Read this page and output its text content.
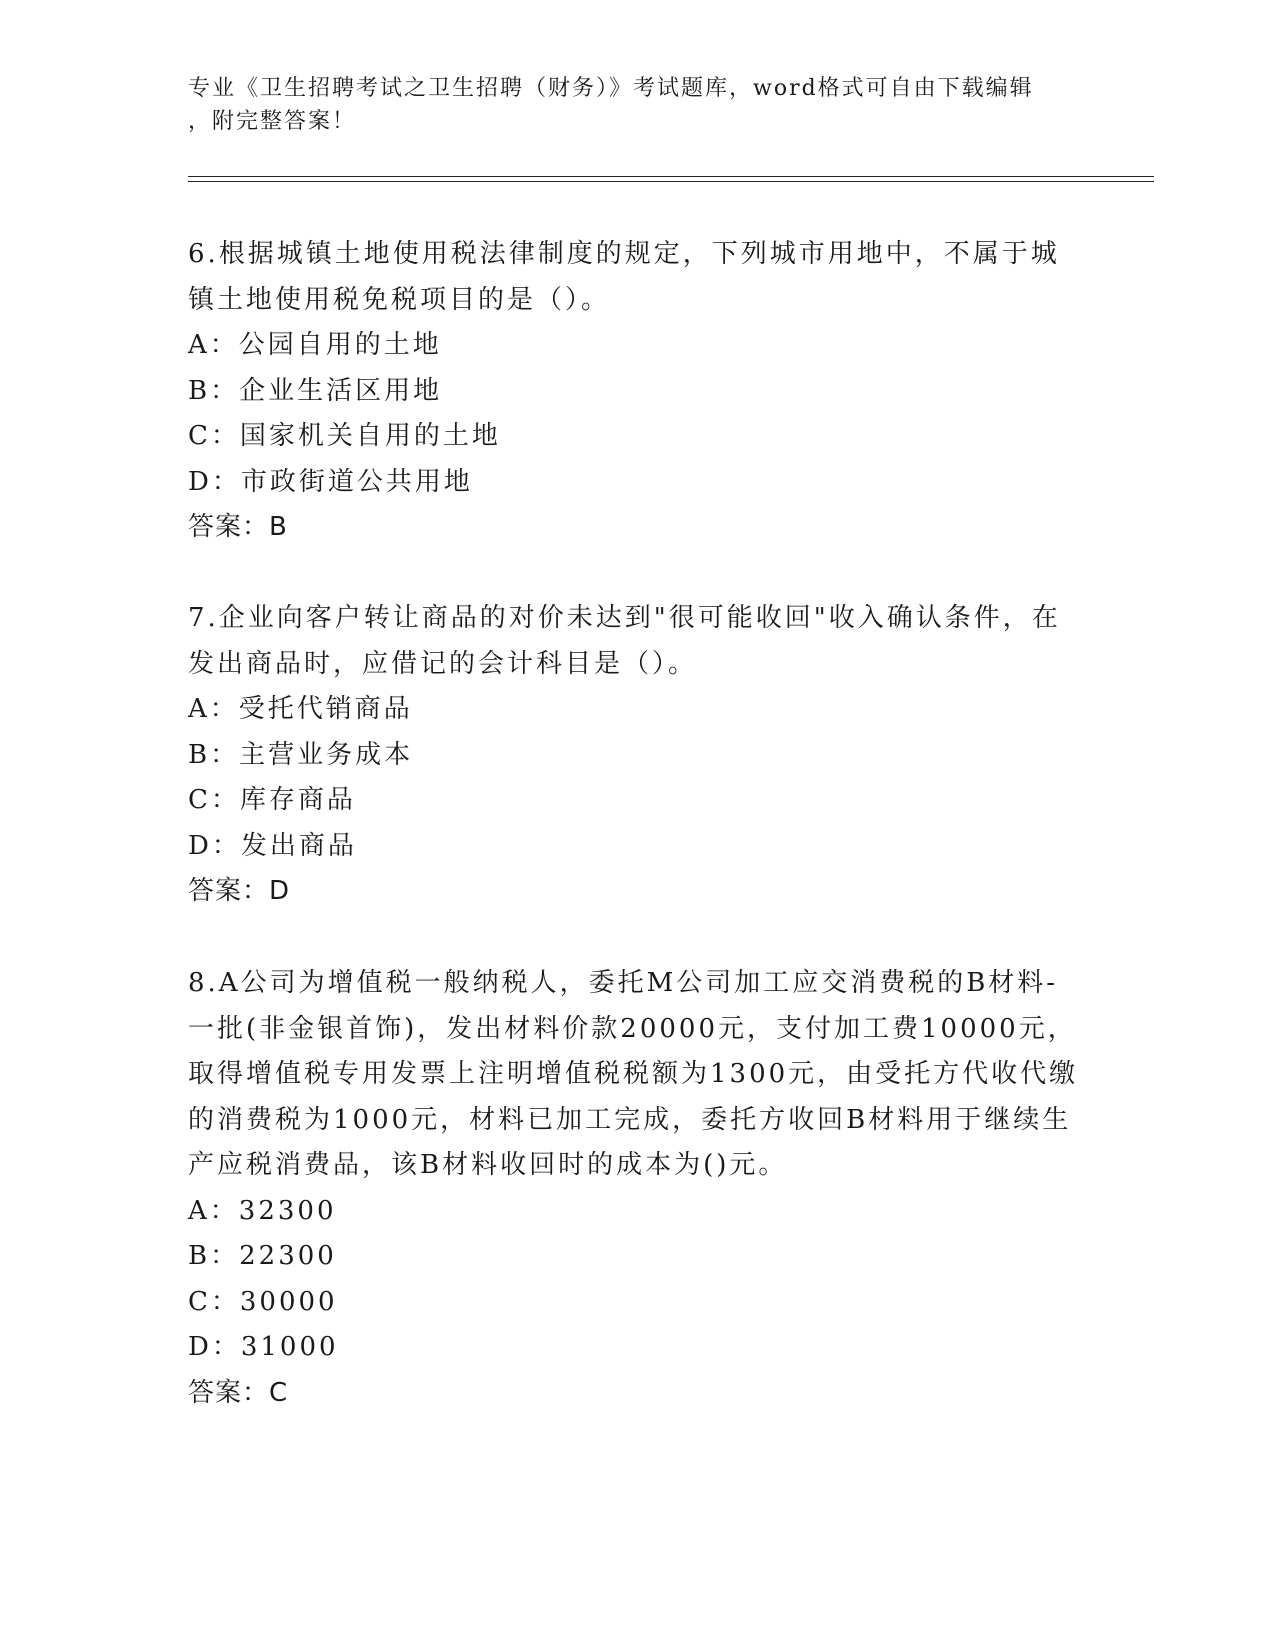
专业《卫生招聘考试之卫生招聘（财务）》考试题库，word格式可自由下载编辑
，附完整答案！
6.根据城镇土地使用税法律制度的规定，下列城市用地中，不属于城
镇土地使用税免税项目的是（）。
A：公园自用的土地
B：企业生活区用地
C：国家机关自用的土地
D：市政街道公共用地
答案：B
7.企业向客户转让商品的对价未达到"很可能收回"收入确认条件，在
发出商品时，应借记的会计科目是（）。
A：受托代销商品
B：主营业务成本
C：库存商品
D：发出商品
答案：D
8.A公司为增值税一般纳税人，委托M公司加工应交消费税的B材料-
一批(非金银首饰)，发出材料价款20000元，支付加工费10000元，
取得增值税专用发票上注明增值税税额为1300元，由受托方代收代缴
的消费税为1000元，材料已加工完成，委托方收回B材料用于继续生
产应税消费品，该B材料收回时的成本为()元。
A：32300
B：22300
C：30000
D：31000
答案：C
